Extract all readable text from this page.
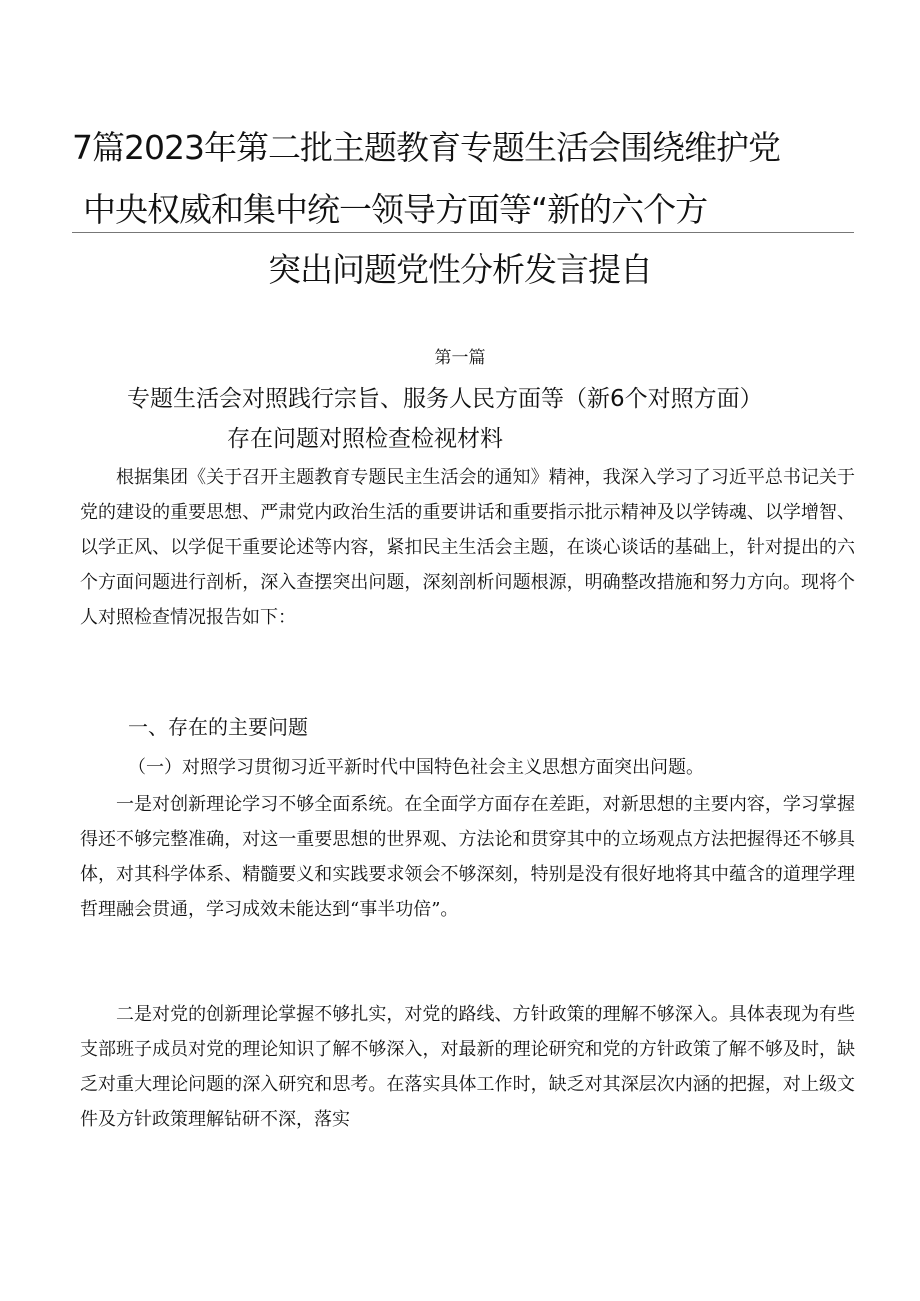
7篇2023年第二批主题教育专题生活会围绕维护党
中央权威和集中统一领导方面等“新的六个方
突出问题党性分析发言提自
第一篇
专题生活会对照践行宗旨、服务人民方面等（新6个对照方面）
存在问题对照检查检视材料

根据集团《关于召开主题教育专题民主生活会的通知》精神，我深入学习了习近平总书记关于党的建设的重要思想、严肃党内政治生活的重要讲话和重要指示批示精神及以学铸魂、以学增智、以学正风、以学促干重要论述等内容，紧扣民主生活会主题，在谈心谈话的基础上，针对提出的六个方面问题进行剖析，深入查摆突出问题，深刻剖析问题根源，明确整改措施和努力方向。现将个人对照检查情况报告如下：

一、存在的主要问题
（一）对照学习贯彻习近平新时代中国特色社会主义思想方面突出问题。

一是对创新理论学习不够全面系统。在全面学方面存在差距，对新思想的主要内容，学习掌握得还不够完整准确，对这一重要思想的世界观、方法论和贯穿其中的立场观点方法把握得还不够具体，对其科学体系、精髓要义和实践要求领会不够深刻，特别是没有很好地将其中蕴含的道理学理哲理融会贯通，学习成效未能达到“事半功倍”。

二是对党的创新理论掌握不够扎实，对党的路线、方针政策的理解不够深入。具体表现为有些支部班子成员对党的理论知识了解不够深入，对最新的理论研究和党的方针政策了解不够及时，缺乏对重大理论问题的深入研究和思考。在落实具体工作时，缺乏对其深层次内涵的把握，对上级文件及方针政策理解钻研不深，落实
